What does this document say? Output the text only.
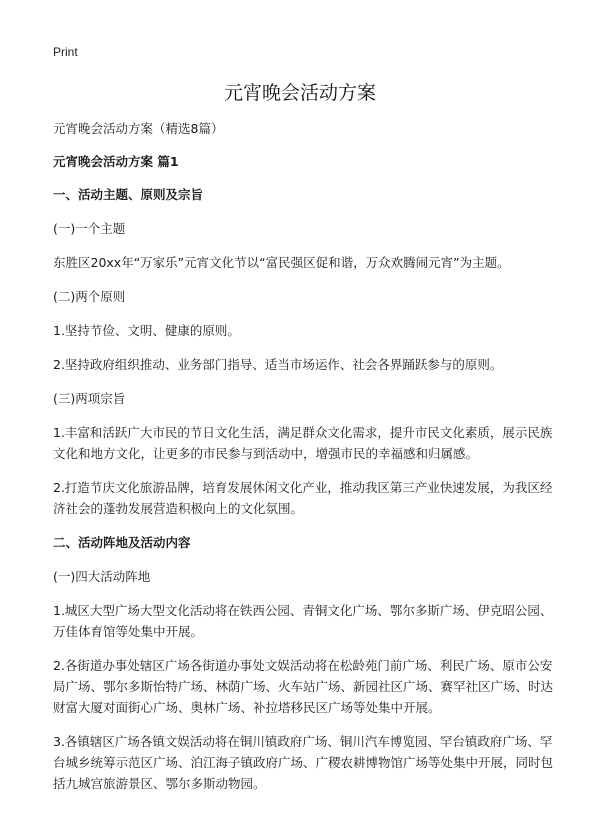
Print
元宵晚会活动方案

元宵晚会活动方案（精选8篇）

元宵晚会活动方案 篇1

一、活动主题、原则及宗旨

(一)一个主题

东胜区20xx年“万家乐”元宵文化节以“富民强区促和谐，万众欢腾闹元宵”为主题。

(二)两个原则

1.坚持节俭、文明、健康的原则。

2.坚持政府组织推动、业务部门指导、适当市场运作、社会各界踊跃参与的原则。

(三)两项宗旨

1.丰富和活跃广大市民的节日文化生活，满足群众文化需求，提升市民文化素质，展示民族文化和地方文化，让更多的市民参与到活动中，增强市民的幸福感和归属感。

2.打造节庆文化旅游品牌，培育发展休闲文化产业，推动我区第三产业快速发展，为我区经济社会的蓬勃发展营造积极向上的文化氛围。

二、活动阵地及活动内容

(一)四大活动阵地

1.城区大型广场大型文化活动将在铁西公园、青铜文化广场、鄂尔多斯广场、伊克昭公园、万佳体育馆等处集中开展。

2.各街道办事处辖区广场各街道办事处文娱活动将在松龄苑门前广场、利民广场、原市公安局广场、鄂尔多斯怡特广场、林荫广场、火车站广场、新园社区广场、赛罕社区广场、时达财富大厦对面街心广场、奥林广场、补拉塔移民区广场等处集中开展。

3.各镇辖区广场各镇文娱活动将在铜川镇政府广场、铜川汽车博览园、罕台镇政府广场、罕台城乡统筹示范区广场、泊江海子镇政府广场、广稷农耕博物馆广场等处集中开展，同时包括九城宫旅游景区、鄂尔多斯动物园。
